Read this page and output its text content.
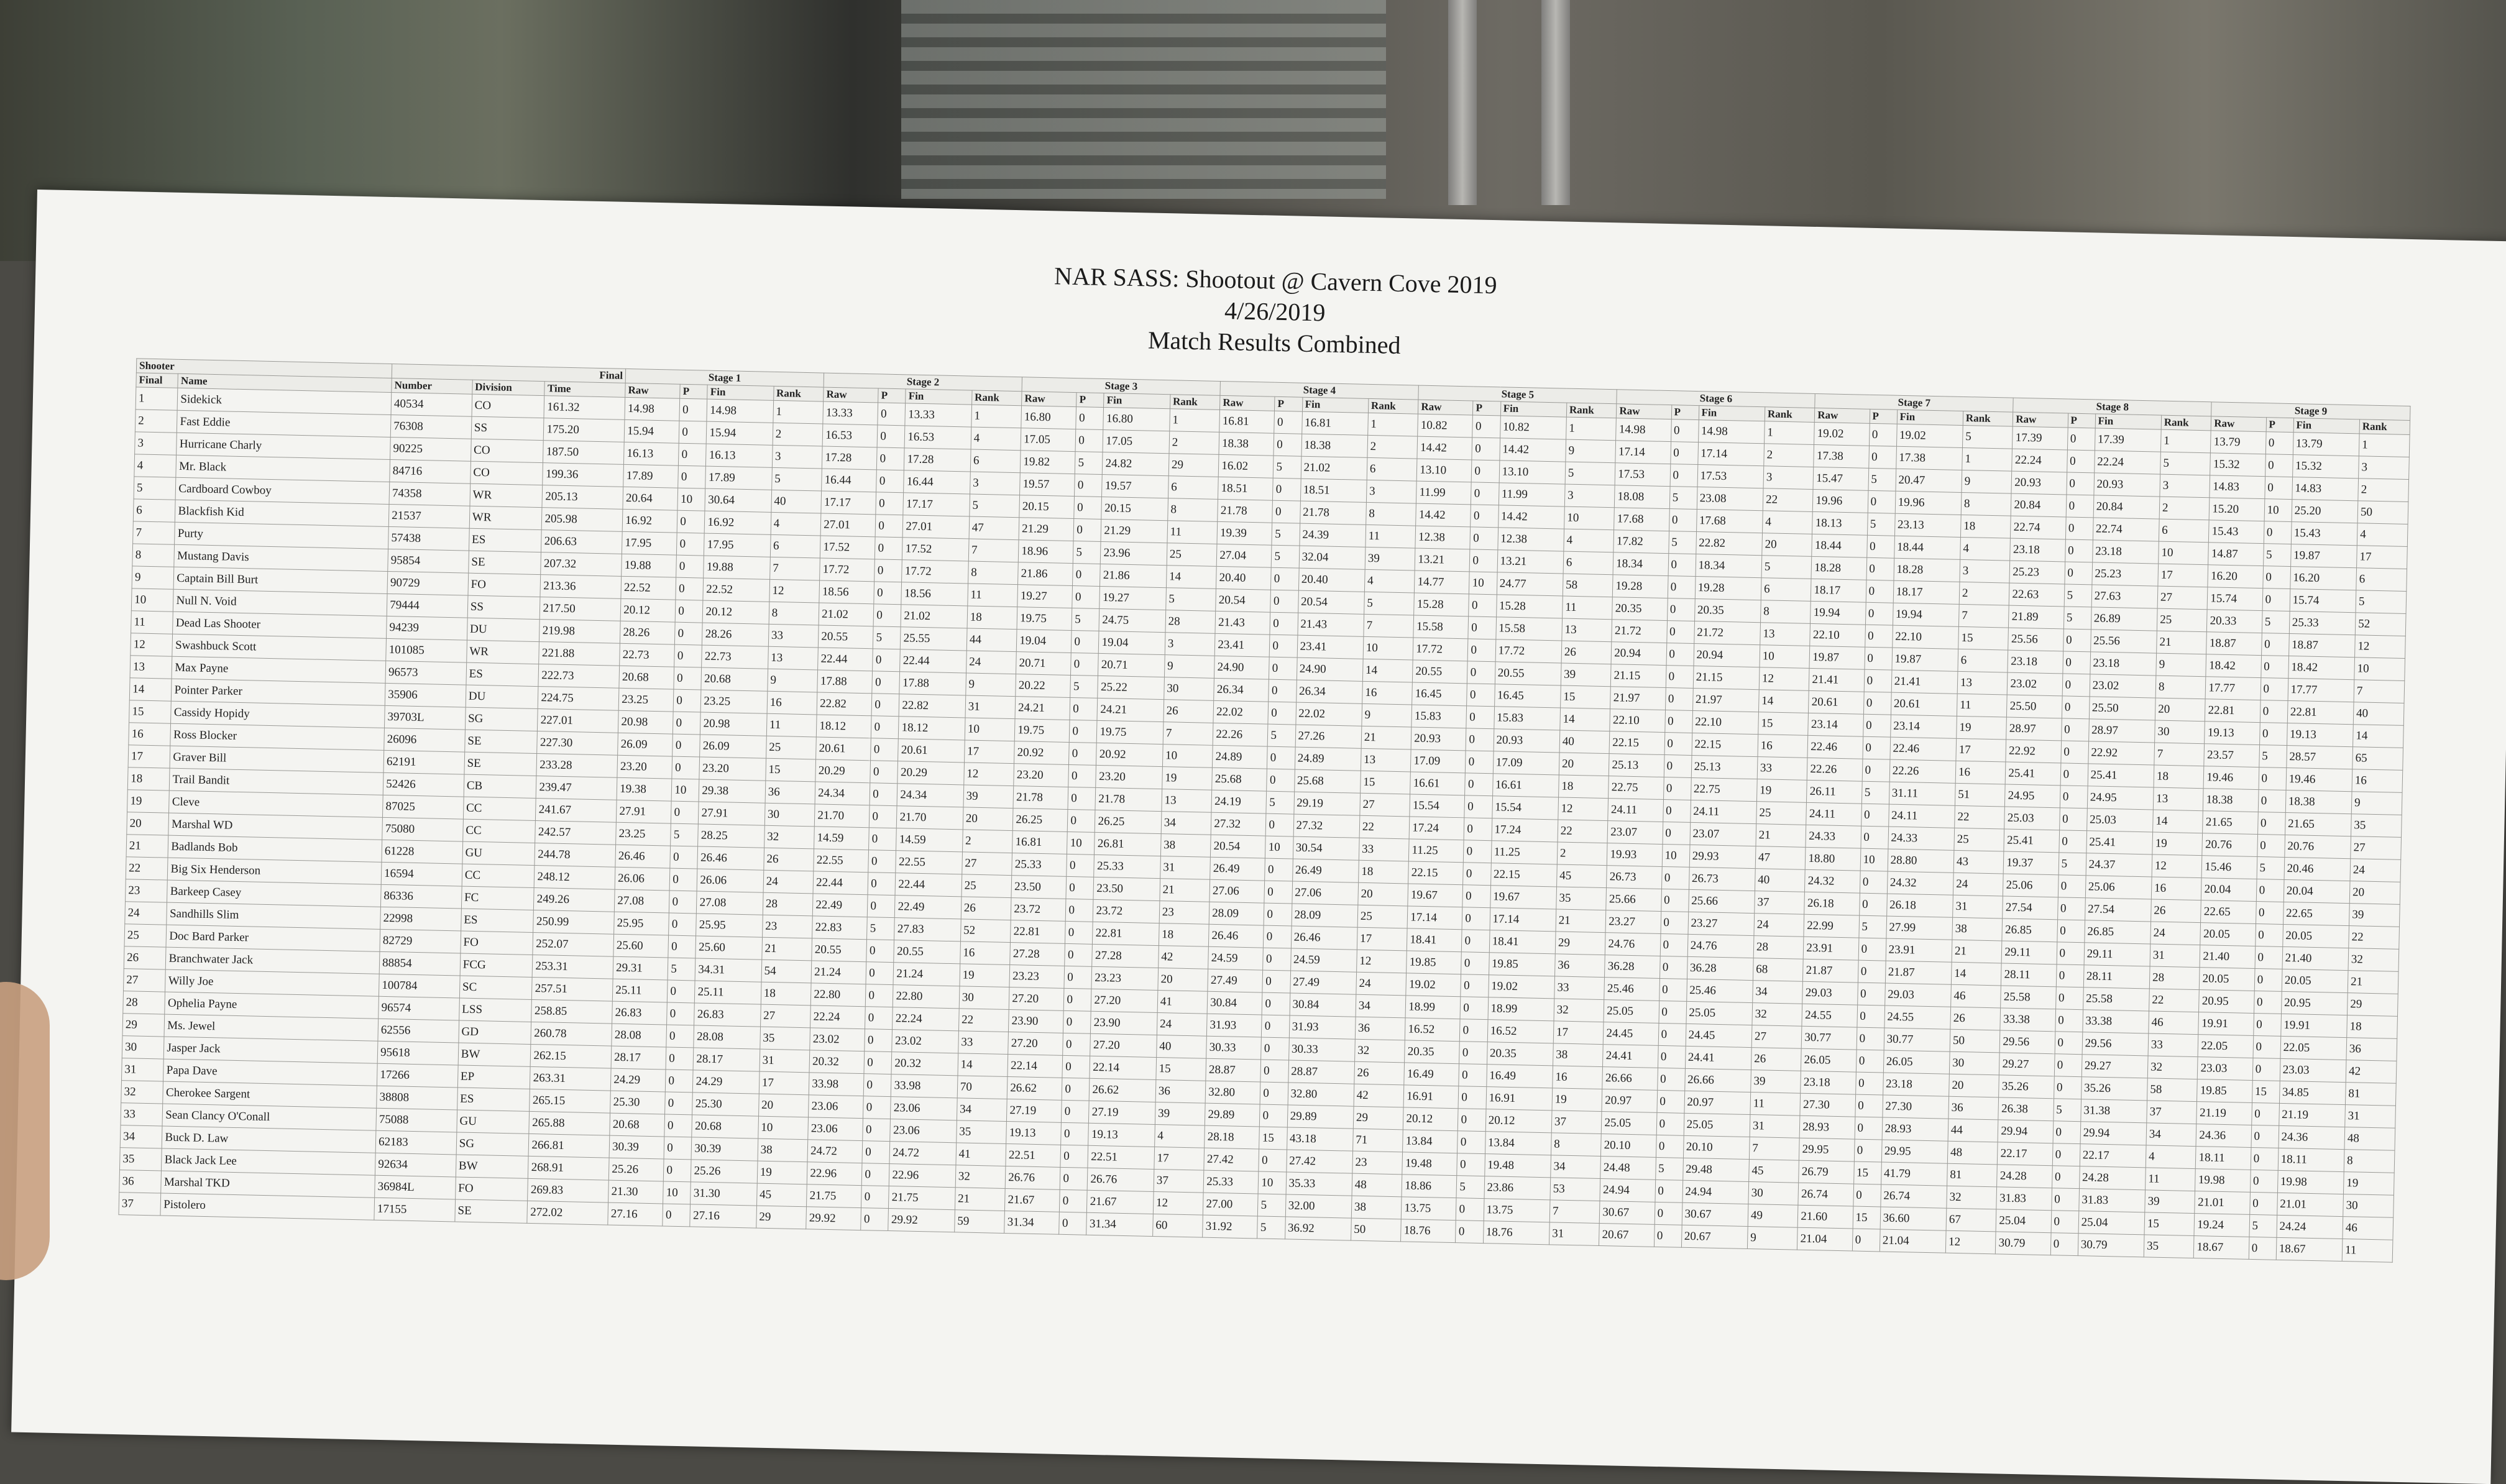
NAR SASS: Shootout @ Cavern Cove 2019
4/26/2019
Match Results Combined
Shooter		Final			Stage 1				Stage 2				Stage 3				Stage 4				Stage 5				Stage 6				Stage 7				Stage 8				Stage 9			
Final	Name	Number	Division	Time	Raw	P	Fin	Rank	Raw	P	Fin	Rank	Raw	P	Fin	Rank	Raw	P	Fin	Rank	Raw	P	Fin	Rank	Raw	P	Fin	Rank	Raw	P	Fin	Rank	Raw	P	Fin	Rank	Raw	P	Fin	Rank
1	Sidekick	40534	CO	161.32	14.98	0	14.98	1	13.33	0	13.33	1	16.80	0	16.80	1	16.81	0	16.81	1	10.82	0	10.82	1	14.98	0	14.98	1	19.02	0	19.02	5	17.39	0	17.39	1	13.79	0	13.79	1
2	Fast Eddie	76308	SS	175.20	15.94	0	15.94	2	16.53	0	16.53	4	17.05	0	17.05	2	18.38	0	18.38	2	14.42	0	14.42	9	17.14	0	17.14	2	17.38	0	17.38	1	22.24	0	22.24	5	15.32	0	15.32	3
3	Hurricane Charly	90225	CO	187.50	16.13	0	16.13	3	17.28	0	17.28	6	19.82	5	24.82	29	16.02	5	21.02	6	13.10	0	13.10	5	17.53	0	17.53	3	15.47	5	20.47	9	20.93	0	20.93	3	14.83	0	14.83	2
4	Mr. Black	84716	CO	199.36	17.89	0	17.89	5	16.44	0	16.44	3	19.57	0	19.57	6	18.51	0	18.51	3	11.99	0	11.99	3	18.08	5	23.08	22	19.96	0	19.96	8	20.84	0	20.84	2	15.20	10	25.20	50
5	Cardboard Cowboy	74358	WR	205.13	20.64	10	30.64	40	17.17	0	17.17	5	20.15	0	20.15	8	21.78	0	21.78	8	14.42	0	14.42	10	17.68	0	17.68	4	18.13	5	23.13	18	22.74	0	22.74	6	15.43	0	15.43	4
6	Blackfish Kid	21537	WR	205.98	16.92	0	16.92	4	27.01	0	27.01	47	21.29	0	21.29	11	19.39	5	24.39	11	12.38	0	12.38	4	17.82	5	22.82	20	18.44	0	18.44	4	23.18	0	23.18	10	14.87	5	19.87	17
7	Purty	57438	ES	206.63	17.95	0	17.95	6	17.52	0	17.52	7	18.96	5	23.96	25	27.04	5	32.04	39	13.21	0	13.21	6	18.34	0	18.34	5	18.28	0	18.28	3	25.23	0	25.23	17	16.20	0	16.20	6
8	Mustang Davis	95854	SE	207.32	19.88	0	19.88	7	17.72	0	17.72	8	21.86	0	21.86	14	20.40	0	20.40	4	14.77	10	24.77	58	19.28	0	19.28	6	18.17	0	18.17	2	22.63	5	27.63	27	15.74	0	15.74	5
9	Captain Bill Burt	90729	FO	213.36	22.52	0	22.52	12	18.56	0	18.56	11	19.27	0	19.27	5	20.54	0	20.54	5	15.28	0	15.28	11	20.35	0	20.35	8	19.94	0	19.94	7	21.89	5	26.89	25	20.33	5	25.33	52
10	Null N. Void	79444	SS	217.50	20.12	0	20.12	8	21.02	0	21.02	18	19.75	5	24.75	28	21.43	0	21.43	7	15.58	0	15.58	13	21.72	0	21.72	13	22.10	0	22.10	15	25.56	0	25.56	21	18.87	0	18.87	12
11	Dead Las Shooter	94239	DU	219.98	28.26	0	28.26	33	20.55	5	25.55	44	19.04	0	19.04	3	23.41	0	23.41	10	17.72	0	17.72	26	20.94	0	20.94	10	19.87	0	19.87	6	23.18	0	23.18	9	18.42	0	18.42	10
12	Swashbuck Scott	101085	WR	221.88	22.73	0	22.73	13	22.44	0	22.44	24	20.71	0	20.71	9	24.90	0	24.90	14	20.55	0	20.55	39	21.15	0	21.15	12	21.41	0	21.41	13	23.02	0	23.02	8	17.77	0	17.77	7
13	Max Payne	96573	ES	222.73	20.68	0	20.68	9	17.88	0	17.88	9	20.22	5	25.22	30	26.34	0	26.34	16	16.45	0	16.45	15	21.97	0	21.97	14	20.61	0	20.61	11	25.50	0	25.50	20	22.81	0	22.81	40
14	Pointer Parker	35906	DU	224.75	23.25	0	23.25	16	22.82	0	22.82	31	24.21	0	24.21	26	22.02	0	22.02	9	15.83	0	15.83	14	22.10	0	22.10	15	23.14	0	23.14	19	28.97	0	28.97	30	19.13	0	19.13	14
15	Cassidy Hopidy	39703L	SG	227.01	20.98	0	20.98	11	18.12	0	18.12	10	19.75	0	19.75	7	22.26	5	27.26	21	20.93	0	20.93	40	22.15	0	22.15	16	22.46	0	22.46	17	22.92	0	22.92	7	23.57	5	28.57	65
16	Ross Blocker	26096	SE	227.30	26.09	0	26.09	25	20.61	0	20.61	17	20.92	0	20.92	10	24.89	0	24.89	13	17.09	0	17.09	20	25.13	0	25.13	33	22.26	0	22.26	16	25.41	0	25.41	18	19.46	0	19.46	16
17	Graver Bill	62191	SE	233.28	23.20	0	23.20	15	20.29	0	20.29	12	23.20	0	23.20	19	25.68	0	25.68	15	16.61	0	16.61	18	22.75	0	22.75	19	26.11	5	31.11	51	24.95	0	24.95	13	18.38	0	18.38	9
18	Trail Bandit	52426	CB	239.47	19.38	10	29.38	36	24.34	0	24.34	39	21.78	0	21.78	13	24.19	5	29.19	27	15.54	0	15.54	12	24.11	0	24.11	25	24.11	0	24.11	22	25.03	0	25.03	14	21.65	0	21.65	35
19	Cleve	87025	CC	241.67	27.91	0	27.91	30	21.70	0	21.70	20	26.25	0	26.25	34	27.32	0	27.32	22	17.24	0	17.24	22	23.07	0	23.07	21	24.33	0	24.33	25	25.41	0	25.41	19	20.76	0	20.76	27
20	Marshal WD	75080	CC	242.57	23.25	5	28.25	32	14.59	0	14.59	2	16.81	10	26.81	38	20.54	10	30.54	33	11.25	0	11.25	2	19.93	10	29.93	47	18.80	10	28.80	43	19.37	5	24.37	12	15.46	5	20.46	24
21	Badlands Bob	61228	GU	244.78	26.46	0	26.46	26	22.55	0	22.55	27	25.33	0	25.33	31	26.49	0	26.49	18	22.15	0	22.15	45	26.73	0	26.73	40	24.32	0	24.32	24	25.06	0	25.06	16	20.04	0	20.04	20
22	Big Six Henderson	16594	CC	248.12	26.06	0	26.06	24	22.44	0	22.44	25	23.50	0	23.50	21	27.06	0	27.06	20	19.67	0	19.67	35	25.66	0	25.66	37	26.18	0	26.18	31	27.54	0	27.54	26	22.65	0	22.65	39
23	Barkeep Casey	86336	FC	249.26	27.08	0	27.08	28	22.49	0	22.49	26	23.72	0	23.72	23	28.09	0	28.09	25	17.14	0	17.14	21	23.27	0	23.27	24	22.99	5	27.99	38	26.85	0	26.85	24	20.05	0	20.05	22
24	Sandhills Slim	22998	ES	250.99	25.95	0	25.95	23	22.83	5	27.83	52	22.81	0	22.81	18	26.46	0	26.46	17	18.41	0	18.41	29	24.76	0	24.76	28	23.91	0	23.91	21	29.11	0	29.11	31	21.40	0	21.40	32
25	Doc Bard Parker	82729	FO	252.07	25.60	0	25.60	21	20.55	0	20.55	16	27.28	0	27.28	42	24.59	0	24.59	12	19.85	0	19.85	36	36.28	0	36.28	68	21.87	0	21.87	14	28.11	0	28.11	28	20.05	0	20.05	21
26	Branchwater Jack	88854	FCG	253.31	29.31	5	34.31	54	21.24	0	21.24	19	23.23	0	23.23	20	27.49	0	27.49	24	19.02	0	19.02	33	25.46	0	25.46	34	29.03	0	29.03	46	25.58	0	25.58	22	20.95	0	20.95	29
27	Willy Joe	100784	SC	257.51	25.11	0	25.11	18	22.80	0	22.80	30	27.20	0	27.20	41	30.84	0	30.84	34	18.99	0	18.99	32	25.05	0	25.05	32	24.55	0	24.55	26	33.38	0	33.38	46	19.91	0	19.91	18
28	Ophelia Payne	96574	LSS	258.85	26.83	0	26.83	27	22.24	0	22.24	22	23.90	0	23.90	24	31.93	0	31.93	36	16.52	0	16.52	17	24.45	0	24.45	27	30.77	0	30.77	50	29.56	0	29.56	33	22.05	0	22.05	36
29	Ms. Jewel	62556	GD	260.78	28.08	0	28.08	35	23.02	0	23.02	33	27.20	0	27.20	40	30.33	0	30.33	32	20.35	0	20.35	38	24.41	0	24.41	26	26.05	0	26.05	30	29.27	0	29.27	32	23.03	0	23.03	42
30	Jasper Jack	95618	BW	262.15	28.17	0	28.17	31	20.32	0	20.32	14	22.14	0	22.14	15	28.87	0	28.87	26	16.49	0	16.49	16	26.66	0	26.66	39	23.18	0	23.18	20	35.26	0	35.26	58	19.85	15	34.85	81
31	Papa Dave	17266	EP	263.31	24.29	0	24.29	17	33.98	0	33.98	70	26.62	0	26.62	36	32.80	0	32.80	42	16.91	0	16.91	19	20.97	0	20.97	11	27.30	0	27.30	36	26.38	5	31.38	37	21.19	0	21.19	31
32	Cherokee Sargent	38808	ES	265.15	25.30	0	25.30	20	23.06	0	23.06	34	27.19	0	27.19	39	29.89	0	29.89	29	20.12	0	20.12	37	25.05	0	25.05	31	28.93	0	28.93	44	29.94	0	29.94	34	24.36	0	24.36	48
33	Sean Clancy O'Conall	75088	GU	265.88	20.68	0	20.68	10	23.06	0	23.06	35	19.13	0	19.13	4	28.18	15	43.18	71	13.84	0	13.84	8	20.10	0	20.10	7	29.95	0	29.95	48	22.17	0	22.17	4	18.11	0	18.11	8
34	Buck D. Law	62183	SG	266.81	30.39	0	30.39	38	24.72	0	24.72	41	22.51	0	22.51	17	27.42	0	27.42	23	19.48	0	19.48	34	24.48	5	29.48	45	26.79	15	41.79	81	24.28	0	24.28	11	19.98	0	19.98	19
35	Black Jack Lee	92634	BW	268.91	25.26	0	25.26	19	22.96	0	22.96	32	26.76	0	26.76	37	25.33	10	35.33	48	18.86	5	23.86	53	24.94	0	24.94	30	26.74	0	26.74	32	31.83	0	31.83	39	21.01	0	21.01	30
36	Marshal TKD	36984L	FO	269.83	21.30	10	31.30	45	21.75	0	21.75	21	21.67	0	21.67	12	27.00	5	32.00	38	13.75	0	13.75	7	30.67	0	30.67	49	21.60	15	36.60	67	25.04	0	25.04	15	19.24	5	24.24	46
37	Pistolero	17155	SE	272.02	27.16	0	27.16	29	29.92	0	29.92	59	31.34	0	31.34	60	31.92	5	36.92	50	18.76	0	18.76	31	20.67	0	20.67	9	21.04	0	21.04	12	30.79	0	30.79	35	18.67	0	18.67	11
